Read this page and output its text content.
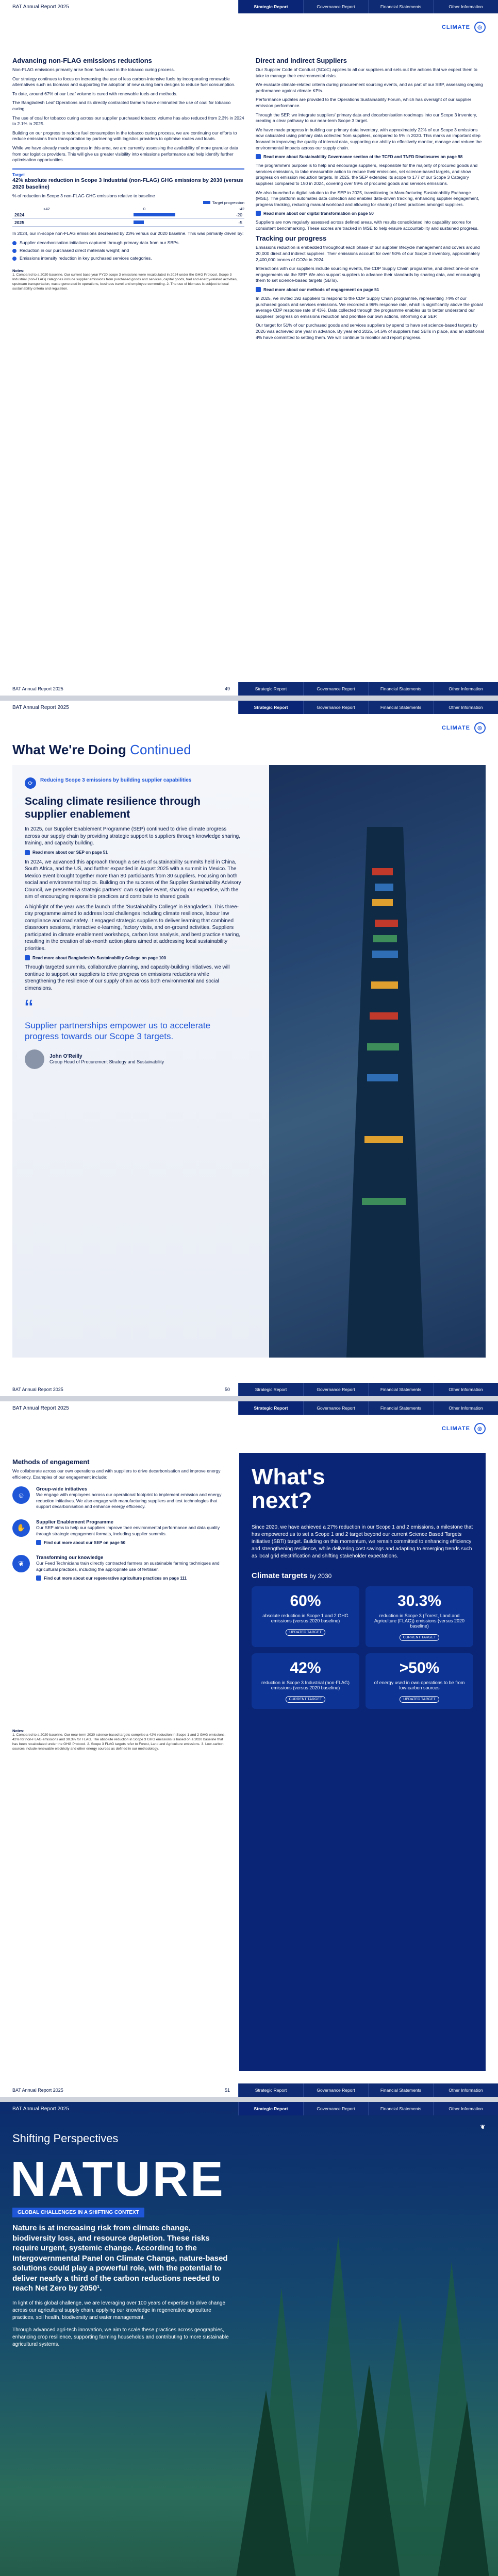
BAT Annual Report 2025	Strategic Report	Governance Report	Financial Statements	Other Information
CLIMATE	◎
Advancing non-FLAG emissions reductions

Non-FLAG emissions primarily arise from fuels used in the tobacco curing process.

Our strategy continues to focus on increasing the use of less carbon-intensive fuels by incorporating renewable alternatives such as biomass and supporting the adoption of new curing barn designs to reduce fuel consumption.

To date, around 67% of our Leaf volume is cured with renewable fuels and methods.

The Bangladesh Leaf Operations and its directly contracted farmers have eliminated the use of coal for tobacco curing.

The use of coal for tobacco curing across our supplier purchased tobacco volume has also reduced from 2.3% in 2024 to 2.1% in 2025.

Building on our progress to reduce fuel consumption in the tobacco curing process, we are continuing our efforts to reduce emissions from transportation by partnering with logistics providers to optimise routes and loads.

While we have already made progress in this area, we are currently assessing the availability of more granular data from our logistics providers. This will give us greater visibility into emissions performance and help identify further optimisation opportunities.

Target
42% absolute reduction in Scope 3 Industrial (non-FLAG) GHG emissions by 2030 (versus 2020 baseline)
% of reduction in Scope 3 non-FLAG GHG emissions relative to baseline
Target progression
+42	0	-42
2024		-20
2025		-5

In 2024, our in-scope non-FLAG emissions decreased by 23% versus our 2020 baseline. This was primarily driven by:

Supplier decarbonisation initiatives captured through primary data from our SBPs.
Reduction in our purchased direct materials weight; and
Emissions intensity reduction in key purchased services categories.
Notes:
1. Compared to a 2020 baseline. Our current base year FY20 scope 3 emissions were recalculated in 2024 under the GHG Protocol. Scope 3 Industrial (non-FLAG) categories include supplier emissions from purchased goods and services, capital goods, fuel and energy-related activities, upstream transportation, waste generated in operations, business travel and employee commuting. 2. The use of biomass is subject to local sustainability criteria and regulation.
Direct and Indirect Suppliers

Our Supplier Code of Conduct (SCoC) applies to all our suppliers and sets out the actions that we expect them to take to manage their environmental risks.

We evaluate climate-related criteria during procurement sourcing events, and as part of our SBP, assessing ongoing performance against climate KPIs.

Performance updates are provided to the Operations Sustainability Forum, which has oversight of our supplier emission performance.

Through the SEP, we integrate suppliers' primary data and decarbonisation roadmaps into our Scope 3 inventory, creating a clear pathway to our near-term Scope 3 target.

We have made progress in building our primary data inventory, with approximately 22% of our Scope 3 emissions now calculated using primary data collected from suppliers, compared to 5% in 2020. This marks an important step forward in improving the quality of internal data, supporting our ability to effectively monitor, manage and reduce the environmental impacts across our supply chain.

Read more about Sustainability Governance section of the TCFD and TNFD Disclosures on page 98

The programme's purpose is to help and encourage suppliers, responsible for the majority of procured goods and services emissions, to take measurable action to reduce their emissions, set science-based targets, and show progress on emission reduction targets. In 2025, the SEP extended its scope to 177 of our Scope 3 Category suppliers compared to 150 in 2024, covering over 59% of procured goods and services emissions.

We also launched a digital solution to the SEP in 2025, transitioning to Manufacturing Sustainability Exchange (MSE). The platform automates data collection and enables data-driven tracking, enhancing supplier engagement, progress tracking, reducing manual workload and allowing for sharing of best practices amongst suppliers.

Read more about our digital transformation on page 50

Suppliers are now regularly assessed across defined areas, with results consolidated into capability scores for consistent benchmarking. These scores are tracked in MSE to help ensure accountability and sustained progress.

Tracking our progress

Emissions reduction is embedded throughout each phase of our supplier lifecycle management and covers around 20,000 direct and indirect suppliers. Their emissions account for over 50% of our Scope 3 inventory, approximately 2,400,000 tonnes of CO2e in 2024.

Interactions with our suppliers include sourcing events, the CDP Supply Chain programme, and direct one-on-one engagements via the SEP. We also support suppliers to advance their standards by sharing data, and encouraging them to set science-based targets (SBTs).

Read more about our methods of engagement on page 51

In 2025, we invited 192 suppliers to respond to the CDP Supply Chain programme, representing 74% of our purchased goods and services emissions. We recorded a 96% response rate, which is significantly above the global average CDP response rate of 43%. Data collected through the programme enables us to better understand our suppliers' progress on emissions reduction and prioritise our own actions, informing our SEP.

Our target for 51% of our purchased goods and services suppliers by spend to have set science-based targets by 2026 was achieved one year in advance. By year end 2025, 54.5% of suppliers had SBTs in place, and an additional 4% have committed to setting them. We will continue to monitor and report progress.

BAT Annual Report 2025	49	Strategic Report	Governance Report	Financial Statements	Other Information
BAT Annual Report 2025	Strategic Report	Governance Report	Financial Statements	Other Information
CLIMATE	◎
What We're Doing Continued
⟳	Reducing Scope 3 emissions by building supplier capabilities
Scaling climate resilience through supplier enablement

In 2025, our Supplier Enablement Programme (SEP) continued to drive climate progress across our supply chain by providing strategic support to suppliers through knowledge sharing, training, and capacity building.

Read more about our SEP on page 51

In 2024, we advanced this approach through a series of sustainability summits held in China, South Africa, and the US, and further expanded in August 2025 with a summit in Mexico. The Mexico event brought together more than 80 participants from 30 suppliers. Focusing on both social and environmental topics. Building on the success of the Supplier Sustainability Advisory Council, we presented a strategic partners' own supplier event, sharing our expertise, with the aim of encouraging responsible practices and contribute to shared goals.

A highlight of the year was the launch of the 'Sustainability College' in Bangladesh. This three-day programme aimed to address local challenges including climate resilience, labour law compliance and road safety. It engaged strategic suppliers to deliver learning that combined classroom sessions, interactive e-learning, factory visits, and on-ground activities. Suppliers participated in climate enablement workshops, carbon loss analysis, and best practice sharing, resulting in the creation of six-month action plans aimed at addressing local sustainability priorities.

Read more about Bangladesh's Sustainability College on page 100

Through targeted summits, collaborative planning, and capacity-building initiatives, we will continue to support our suppliers to drive progress on emissions reductions while strengthening the resilience of our supply chain across both environmental and social dimensions.

“
Supplier partnerships empower us to accelerate progress towards our Scope 3 targets.
John O'Reilly
Group Head of Procurement Strategy and Sustainability
BAT Annual Report 2025	50	Strategic Report	Governance Report	Financial Statements	Other Information
BAT Annual Report 2025	Strategic Report	Governance Report	Financial Statements	Other Information
CLIMATE	◎
Methods of engagement

We collaborate across our own operations and with suppliers to drive decarbonisation and improve energy efficiency. Examples of our engagement include:

☺
Group-wide initiatives

We engage with employees across our operational footprint to implement emission and energy reduction initiatives. We also engage with manufacturing suppliers and test technologies that support decarbonisation and enhance energy efficiency.

✋
Supplier Enablement Programme

Our SEP aims to help our suppliers improve their environmental performance and data quality through strategic engagement formats, including supplier summits.

Find out more about our SEP on page 50
❦
Transforming our knowledge

Our Feed Technicians train directly contracted farmers on sustainable farming techniques and agricultural practices, including the appropriate use of fertiliser.

Find out more about our regenerative agriculture practices on page 111
Notes:
1. Compared to a 2020 baseline. Our near-term 2030 science-based targets comprise a 42% reduction in Scope 1 and 2 GHG emissions, 42% for non-FLAG emissions and 30.3% for FLAG. The absolute reduction in Scope 3 GHG emissions is based on a 2020 baseline that has been recalculated under the GHG Protocol. 2. Scope 3 FLAG targets refer to Forest, Land and Agriculture emissions. 3. Low-carbon sources include renewable electricity and other energy sources as defined in our methodology.
What's
next?

Since 2020, we have achieved a 27% reduction in our Scope 1 and 2 emissions, a milestone that has empowered us to set a Scope 1 and 2 target beyond our current Science Based Targets initiative (SBTi) target. Building on this momentum, we remain committed to enhancing efficiency and strengthening resilience, while delivering cost savings and adapting to emerging trends such as local grid electrification and shifting stakeholder expectations.

Climate targets by 2030
60%
absolute reduction in Scope 1 and 2 GHG emissions (versus 2020 baseline)
UPDATED TARGET
30.3%
reduction in Scope 3 (Forest, Land and Agriculture (FLAG)) emissions (versus 2020 baseline)
CURRENT TARGET
42%
reduction in Scope 3 Industrial (non-FLAG) emissions (versus 2020 baseline)
CURRENT TARGET
>50%
of energy used in own operations to be from low-carbon sources
UPDATED TARGET
BAT Annual Report 2025	51	Strategic Report	Governance Report	Financial Statements	Other Information
BAT Annual Report 2025	Strategic Report	Governance Report	Financial Statements	Other Information
❦
Shifting Perspectives
NATURE
GLOBAL CHALLENGES IN A SHIFTING CONTEXT
Nature is at increasing risk from climate change, biodiversity loss, and resource depletion. These risks require urgent, systemic change. According to the Intergovernmental Panel on Climate Change, nature-based solutions could play a powerful role, with the potential to deliver nearly a third of the carbon reductions needed to reach Net Zero by 2050¹.

In light of this global challenge, we are leveraging over 100 years of expertise to drive change across our agricultural supply chain, applying our knowledge in regenerative agriculture practices, soil health, biodiversity and water management.

Through advanced agri-tech innovation, we aim to scale these practices across geographies, enhancing crop resilience, supporting farming households and contributing to more sustainable agricultural systems.
